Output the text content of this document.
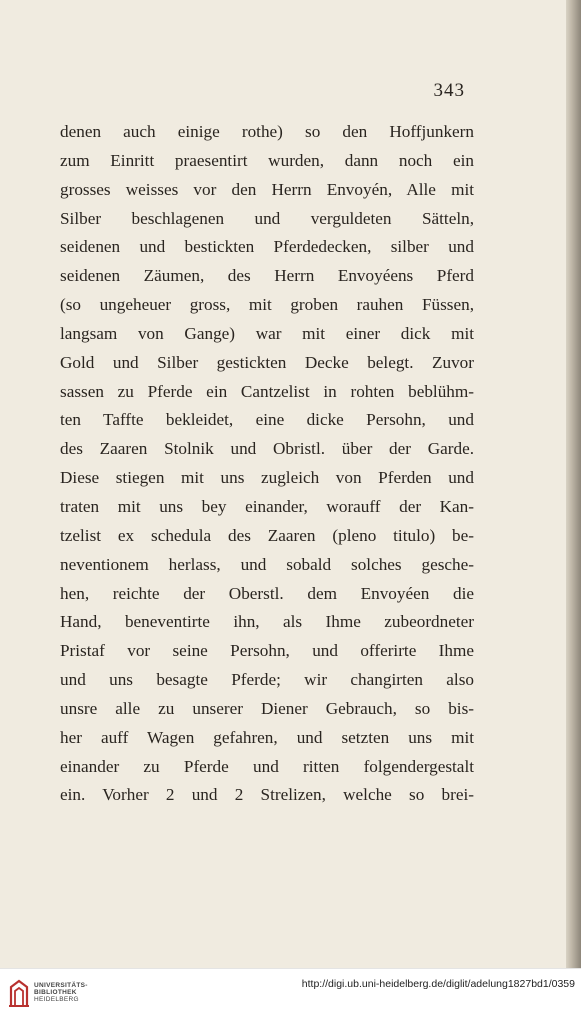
343
denen auch einige rothe) so den Hoffjunkern
zum Einritt praesentirt wurden, dann noch ein
grosses weisses vor den Herrn Envoyén, Alle mit
Silber beschlagenen und verguldeten Sätteln,
seidenen und bestickten Pferdedecken, silber und
seidenen Zäumen, des Herrn Envoyéens Pferd
(so ungeheuer gross, mit groben rauhen Füssen,
langsam von Gange) war mit einer dick mit
Gold und Silber gestickten Decke belegt. Zuvor
sassen zu Pferde ein Cantzelist in rohten beblühm-
ten Taffte bekleidet, eine dicke Persohn, und
des Zaaren Stolnik und Obristl. über der Garde.
Diese stiegen mit uns zugleich von Pferden und
traten mit uns bey einander, worauff der Kan-
tzelist ex schedula des Zaaren (pleno titulo) be-
neventionem herlass, und sobald solches gesche-
hen, reichte der Oberstl. dem Envoyéen die
Hand, beneventirte ihn, als Ihme zubeordneter
Pristaf vor seine Persohn, und offerirte Ihme
und uns besagte Pferde; wir changirten also
unsre alle zu unserer Diener Gebrauch, so bis-
her auff Wagen gefahren, und setzten uns mit
einander zu Pferde und ritten folgendergestalt
ein. Vorher 2 und 2 Strelizen, welche so brei-
UNIVERSITÄTS-
BIBLIOTHEK
HEIDELBERG
http://digi.ub.uni-heidelberg.de/diglit/adelung1827bd1/0359
